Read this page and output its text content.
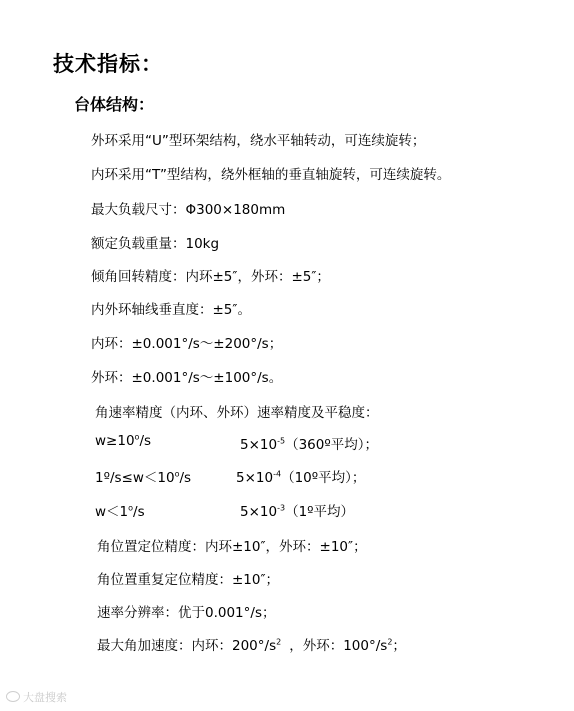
技术指标：
台体结构：
外环采用“U”型环架结构，绕水平轴转动，可连续旋转；
内环采用“T”型结构，绕外框轴的垂直轴旋转，可连续旋转。
最大负载尺寸：Φ300×180mm
额定负载重量：10kg
倾角回转精度：内环±5″，外环：±5″；
内外环轴线垂直度：±5″。
内环：±0.001°/s～±200°/s；
外环：±0.001°/s～±100°/s。
角速率精度（内环、外环）速率精度及平稳度：
$w\ge 10^o/s$	$5\times 10^{-5}(360º$平均）；
$1º/s\le w<10^o/s$	$5\times 10^{-4}(10º$平均）；
$w<1^o/s$	$5\times 10^{-3}(1º$平均）
角位置定位精度：内环±10″，外环：±10″；
角位置重复定位精度：±10″；
速率分辨率：优于0.001°/s；
最大角加速度：内环：$200^\circ/s^2$ ，外环：$100^\circ/s^2$；
大盘搜索
